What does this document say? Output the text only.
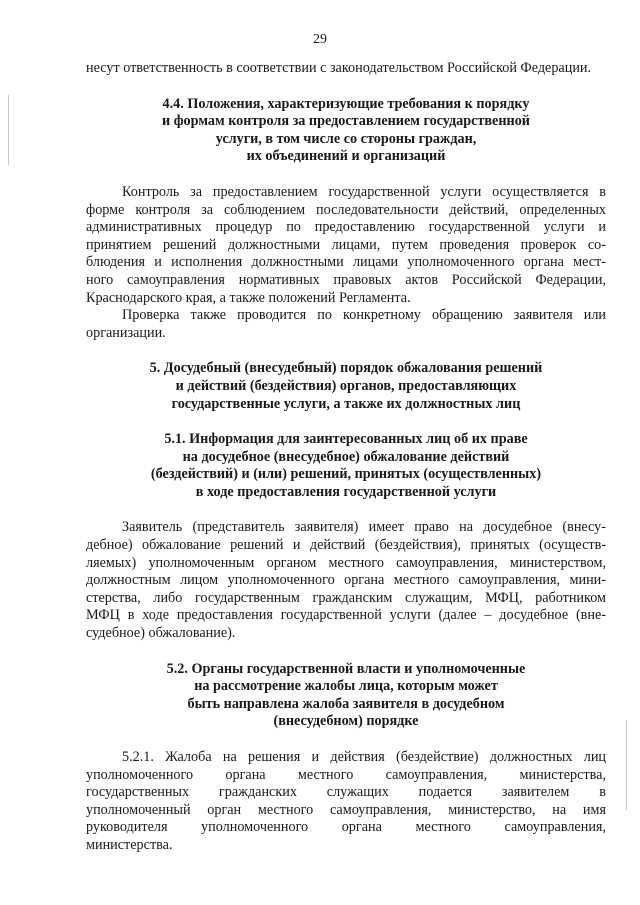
29
несут ответственность в соответствии с законодательством Российской Федерации.
4.4. Положения, характеризующие требования к порядку
и формам контроля за предоставлением государственной
услуги, в том числе со стороны граждан,
их объединений и организаций
Контроль за предоставлением государственной услуги осуществляется в
форме контроля за соблюдением последовательности действий, определенных
административных процедур по предоставлению государственной услуги и
принятием решений должностными лицами, путем проведения проверок со-
блюдения и исполнения должностными лицами уполномоченного органа мест-
ного самоуправления нормативных правовых актов Российской Федерации,
Краснодарского края, а также положений Регламента.
Проверка также проводится по конкретному обращению заявителя или
организации.
5. Досудебный (внесудебный) порядок обжалования решений
и действий (бездействия) органов, предоставляющих
государственные услуги, а также их должностных лиц
5.1. Информация для заинтересованных лиц об их праве
на досудебное (внесудебное) обжалование действий
(бездействий) и (или) решений, принятых (осуществленных)
в ходе предоставления государственной услуги
Заявитель (представитель заявителя) имеет право на досудебное (внесу-
дебное) обжалование решений и действий (бездействия), принятых (осуществ-
ляемых) уполномоченным органом местного самоуправления, министерством,
должностным лицом уполномоченного органа местного самоуправления, мини-
стерства, либо государственным гражданским служащим, МФЦ, работником
МФЦ в ходе предоставления государственной услуги (далее – досудебное (вне-
судебное) обжалование).
5.2. Органы государственной власти и уполномоченные
на рассмотрение жалобы лица, которым может
быть направлена жалоба заявителя в досудебном
(внесудебном) порядке
5.2.1. Жалоба на решения и действия (бездействие) должностных лиц
уполномоченного органа местного самоуправления, министерства,
государственных гражданских служащих подается заявителем в
уполномоченный орган местного самоуправления, министерство, на имя
руководителя уполномоченного органа местного самоуправления,
министерства.
